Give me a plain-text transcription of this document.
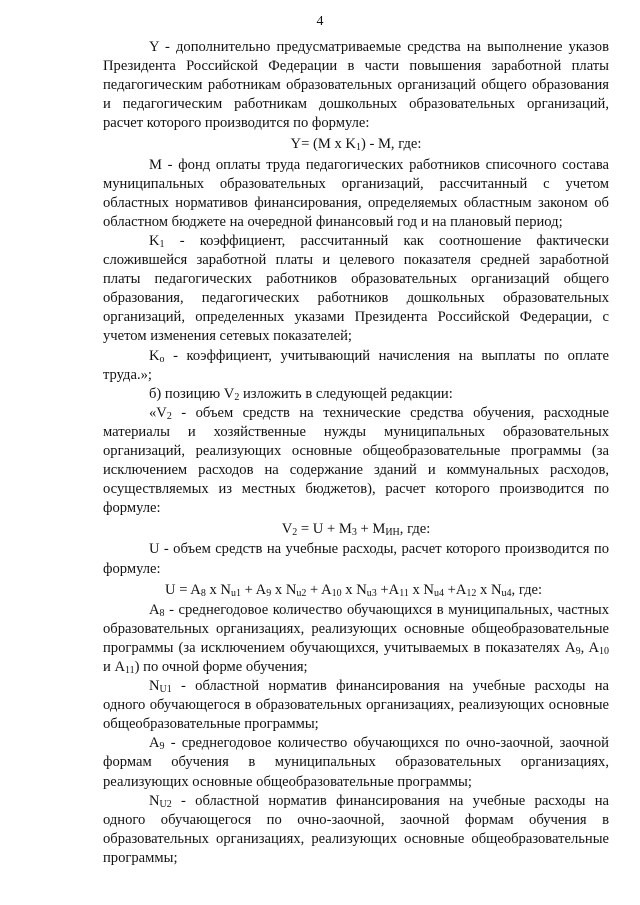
4

Y - дополнительно предусматриваемые средства на выполнение указов Президента Российской Федерации в части повышения заработной платы педагогическим работникам образовательных организаций общего образования и педагогическим работникам дошкольных образовательных организаций, расчет которого производится по формуле:

Y= (M x $K_1$) - M, где:

M - фонд оплаты труда педагогических работников списочного состава муниципальных образовательных организаций, рассчитанный с учетом областных нормативов финансирования, определяемых областным законом об областном бюджете на очередной финансовый год и на плановый период;

$K_1$ - коэффициент, рассчитанный как соотношение фактически сложившейся заработной платы и целевого показателя средней заработной платы педагогических работников образовательных организаций общего образования, педагогических работников дошкольных образовательных организаций, определенных указами Президента Российской Федерации, с учетом изменения сетевых показателей;

$K_o$ - коэффициент, учитывающий начисления на выплаты по оплате труда.»;

б) позицию $V_2$ изложить в следующей редакции:

«$V_2$ - объем средств на технические средства обучения, расходные материалы и хозяйственные нужды муниципальных образовательных организаций, реализующих основные общеобразовательные программы (за исключением расходов на содержание зданий и коммунальных расходов, осуществляемых из местных бюджетов), расчет которого производится по формуле:

$V_2 = U + M_3 + M_{ИН}$, где:

U - объем средств на учебные расходы, расчет которого производится по формуле:

$U = A_8$ x $N_{u1} + A_9$ x $N_{u2} + A_{10}$ x $N_{u3} +A_{11}$ x $N_{u4} +A_{12}$ x $N_{u4}$, где:

$A_8$ - среднегодовое количество обучающихся в муниципальных, частных образовательных организациях, реализующих основные общеобразовательные программы (за исключением обучающихся, учитываемых в показателях $A_9$, $A_{10}$ и $A_{11}$) по очной форме обучения;

$N_{U1}$ - областной норматив финансирования на учебные расходы на одного обучающегося в образовательных организациях, реализующих основные общеобразовательные программы;

$A_9$ - среднегодовое количество обучающихся по очно-заочной, заочной формам обучения в муниципальных образовательных организациях, реализующих основные общеобразовательные программы;

$N_{U2}$ - областной норматив финансирования на учебные расходы на одного обучающегося по очно-заочной, заочной формам обучения в образовательных организациях, реализующих основные общеобразовательные программы;
